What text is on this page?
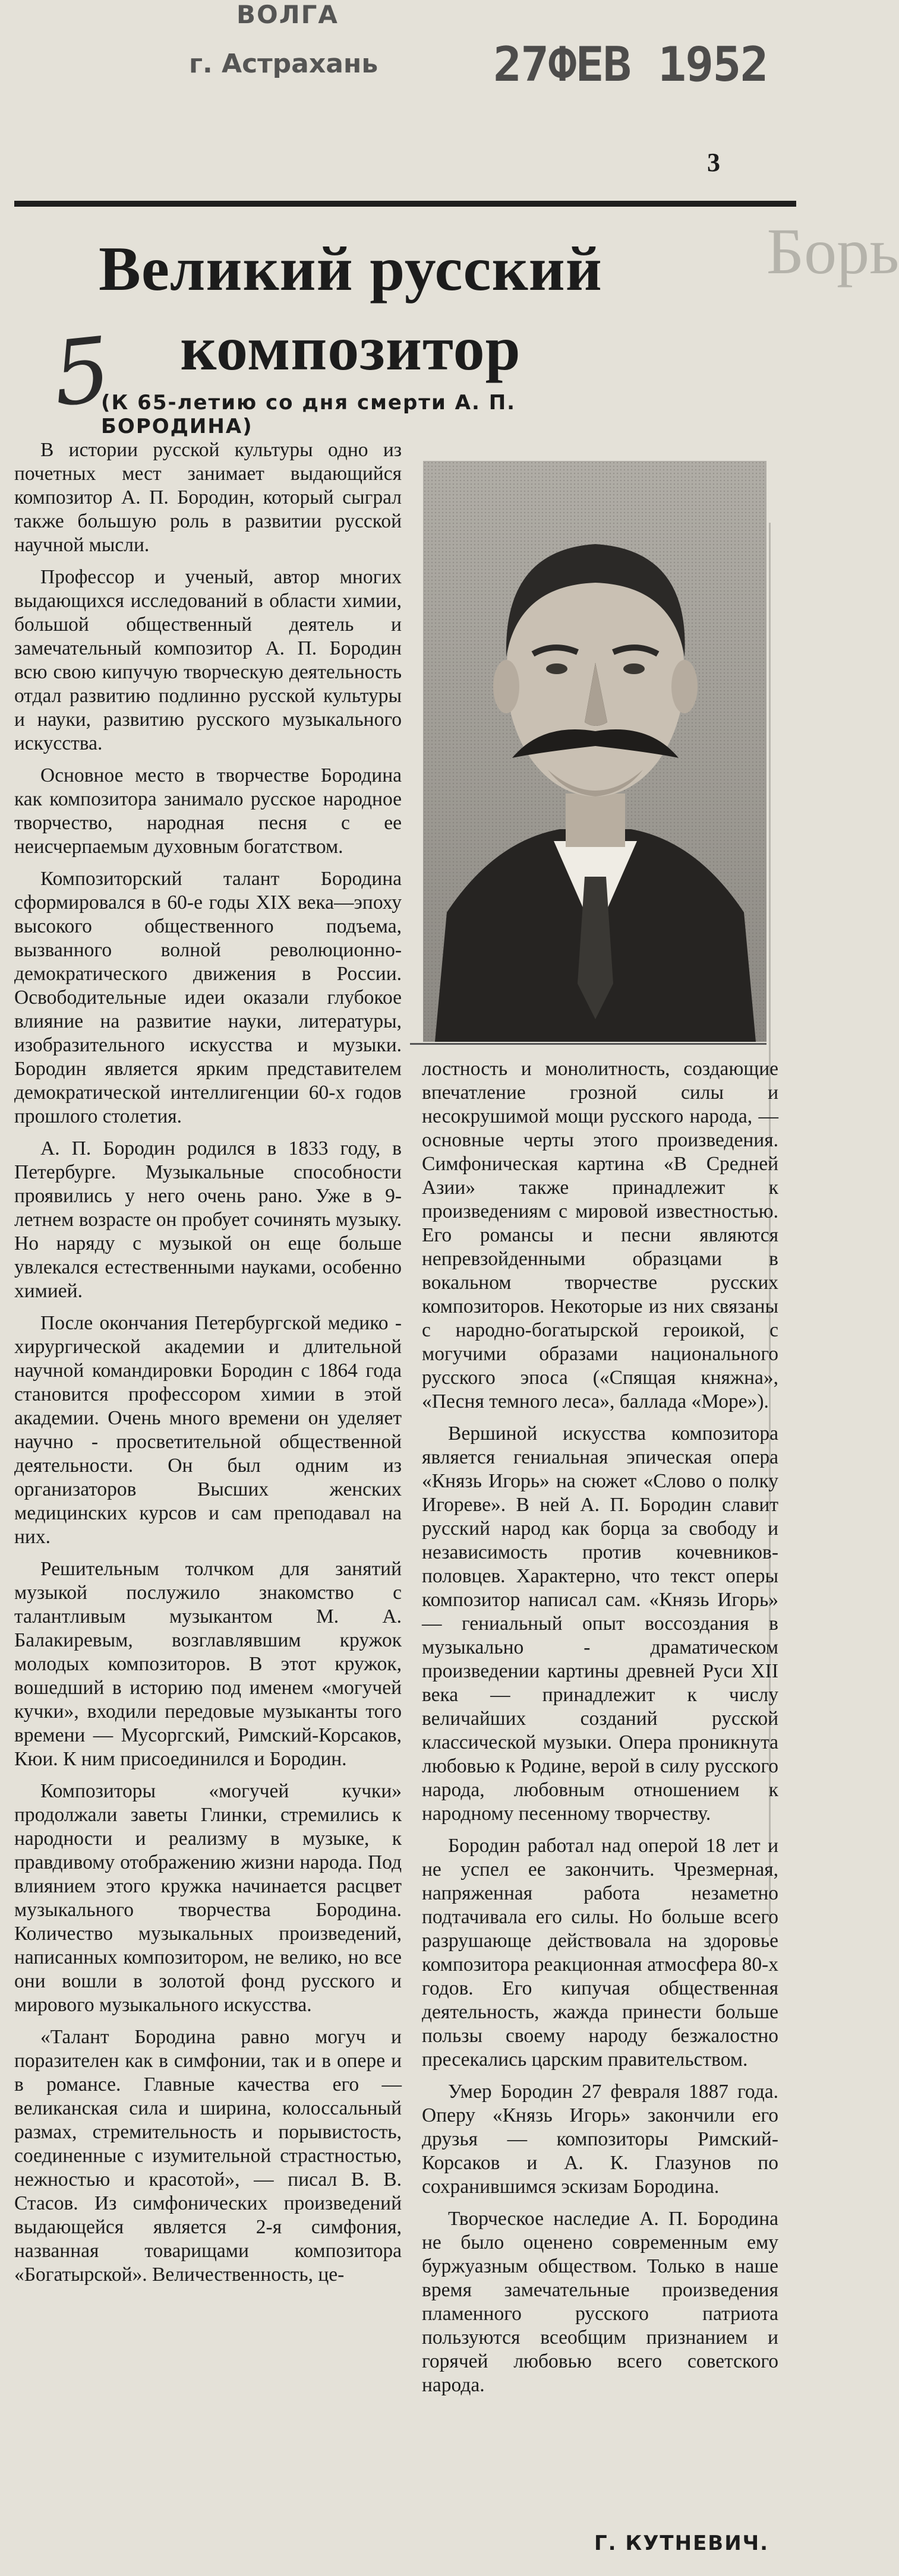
ВОЛГА
г. Астрахань 27ФЕВ 1952
3
Борь
5
Великий русский
композитор
(К 65-летию со дня смерти А. П. БОРОДИНА)

В истории русской культуры одно из почетных мест занимает выдающийся композитор А. П. Бородин, который сыграл также большую роль в развитии русской научной мысли.

Профессор и ученый, автор многих выдающихся исследований в области химии, большой общественный деятель и замечательный композитор А. П. Бородин всю свою кипучую творческую деятельность отдал развитию подлинно русской культуры и науки, развитию русского музыкального искусства.

Основное место в творчестве Бородина как композитора занимало русское народное творчество, народная песня с ее неисчерпаемым духовным богатством.

Композиторский талант Бородина сформировался в 60-е годы XIX века—эпоху высокого общественного подъема, вызванного волной революционно-демократического движения в России. Освободительные идеи оказали глубокое влияние на развитие науки, литературы, изобразительного искусства и музыки. Бородин является ярким представителем демократической интеллигенции 60-х годов прошлого столетия.

А. П. Бородин родился в 1833 году, в Петербурге. Музыкальные способности проявились у него очень рано. Уже в 9-летнем возрасте он пробует сочинять музыку. Но наряду с музыкой он еще больше увлекался естественными науками, особенно химией.

После окончания Петербургской медико - хирургической академии и длительной научной командировки Бородин с 1864 года становится профессором химии в этой академии. Очень много времени он уделяет научно - просветительной общественной деятельности. Он был одним из организаторов Высших женских медицинских курсов и сам преподавал на них.

Решительным толчком для занятий музыкой послужило знакомство с талантливым музыкантом М. А. Балакиревым, возглавлявшим кружок молодых композиторов. В этот кружок, вошедший в историю под именем «могучей кучки», входили передовые музыканты того времени — Мусоргский, Римский-Корсаков, Кюи. К ним присоединился и Бородин.

Композиторы «могучей кучки» продолжали заветы Глинки, стремились к народности и реализму в музыке, к правдивому отображению жизни народа. Под влиянием этого кружка начинается расцвет музыкального творчества Бородина. Количество музыкальных произведений, написанных композитором, не велико, но все они вошли в золотой фонд русского и мирового музыкального искусства.

«Талант Бородина равно могуч и поразителен как в симфонии, так и в опере и в романсе. Главные качества его — великанская сила и ширина, колоссальный размах, стремительность и порывистость, соединенные с изумительной страстностью, нежностью и красотой», — писал В. В. Стасов. Из симфонических произведений выдающейся является 2-я симфония, названная товарищами композитора «Богатырской». Величественность, це-

лостность и монолитность, создающие впечатление грозной силы и несокрушимой мощи русского народа, — основные черты этого произведения. Симфоническая картина «В Средней Азии» также принадлежит к произведениям с мировой известностью. Его романсы и песни являются непревзойденными образцами в вокальном творчестве русских композиторов. Некоторые из них связаны с народно-богатырской героикой, с могучими образами национального русского эпоса («Спящая княжна», «Песня темного леса», баллада «Море»).

Вершиной искусства композитора является гениальная эпическая опера «Князь Игорь» на сюжет «Слово о полку Игореве». В ней А. П. Бородин славит русский народ как борца за свободу и независимость против кочевников-половцев. Характерно, что текст оперы композитор написал сам. «Князь Игорь» — гениальный опыт воссоздания в музыкально - драматическом произведении картины древней Руси XII века — принадлежит к числу величайших созданий русской классической музыки. Опера проникнута любовью к Родине, верой в силу русского народа, любовным отношением к народному песенному творчеству.

Бородин работал над оперой 18 лет и не успел ее закончить. Чрезмерная, напряженная работа незаметно подтачивала его силы. Но больше всего разрушающе действовала на здоровье композитора реакционная атмосфера 80-х годов. Его кипучая общественная деятельность, жажда принести больше пользы своему народу безжалостно пресекались царским правительством.

Умер Бородин 27 февраля 1887 года. Оперу «Князь Игорь» закончили его друзья — композиторы Римский-Корсаков и А. К. Глазунов по сохранившимся эскизам Бородина.

Творческое наследие А. П. Бородина не было оценено современным ему буржуазным обществом. Только в наше время замечательные произведения пламенного русского патриота пользуются всеобщим признанием и горячей любовью всего советского народа.

Г. КУТНЕВИЧ.
